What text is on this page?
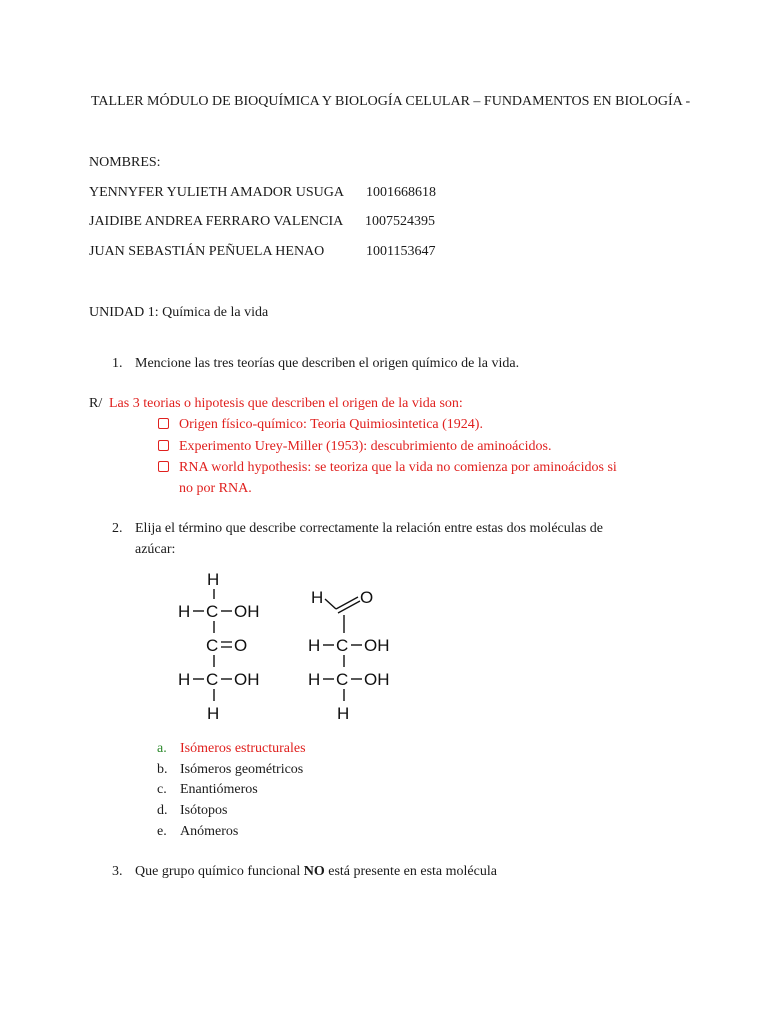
TALLER MÓDULO DE BIOQUÍMICA Y BIOLOGÍA CELULAR – FUNDAMENTOS EN BIOLOGÍA -
NOMBRES:
YENNYFER YULIETH AMADOR USUGA 1001668618
JAIDIBE ANDREA FERRARO VALENCIA 1007524395
JUAN SEBASTIÁN PEÑUELA HENAO	1001153647
UNIDAD 1: Química de la vida
1. Mencione las tres teorías que describen el origen químico de la vida.
R/ Las 3 teorias o hipotesis que describen el origen de la vida son:
Origen físico-químico: Teoria Quimiosintetica (1924).
Experimento Urey-Miller (1953): descubrimiento de aminoácidos.
RNA world hypothesis: se teoriza que la vida no comienza por aminoácidos si
no por RNA.
2. Elija el término que describe correctamente la relación entre estas dos moléculas de
azúcar:
H
H C OH
C O
H C OH
H
H O
H C OH
H C OH
H
a. Isómeros estructurales
b. Isómeros geométricos
c. Enantiómeros
d. Isótopos
e. Anómeros
3. Que grupo químico funcional NO está presente en esta molécula
